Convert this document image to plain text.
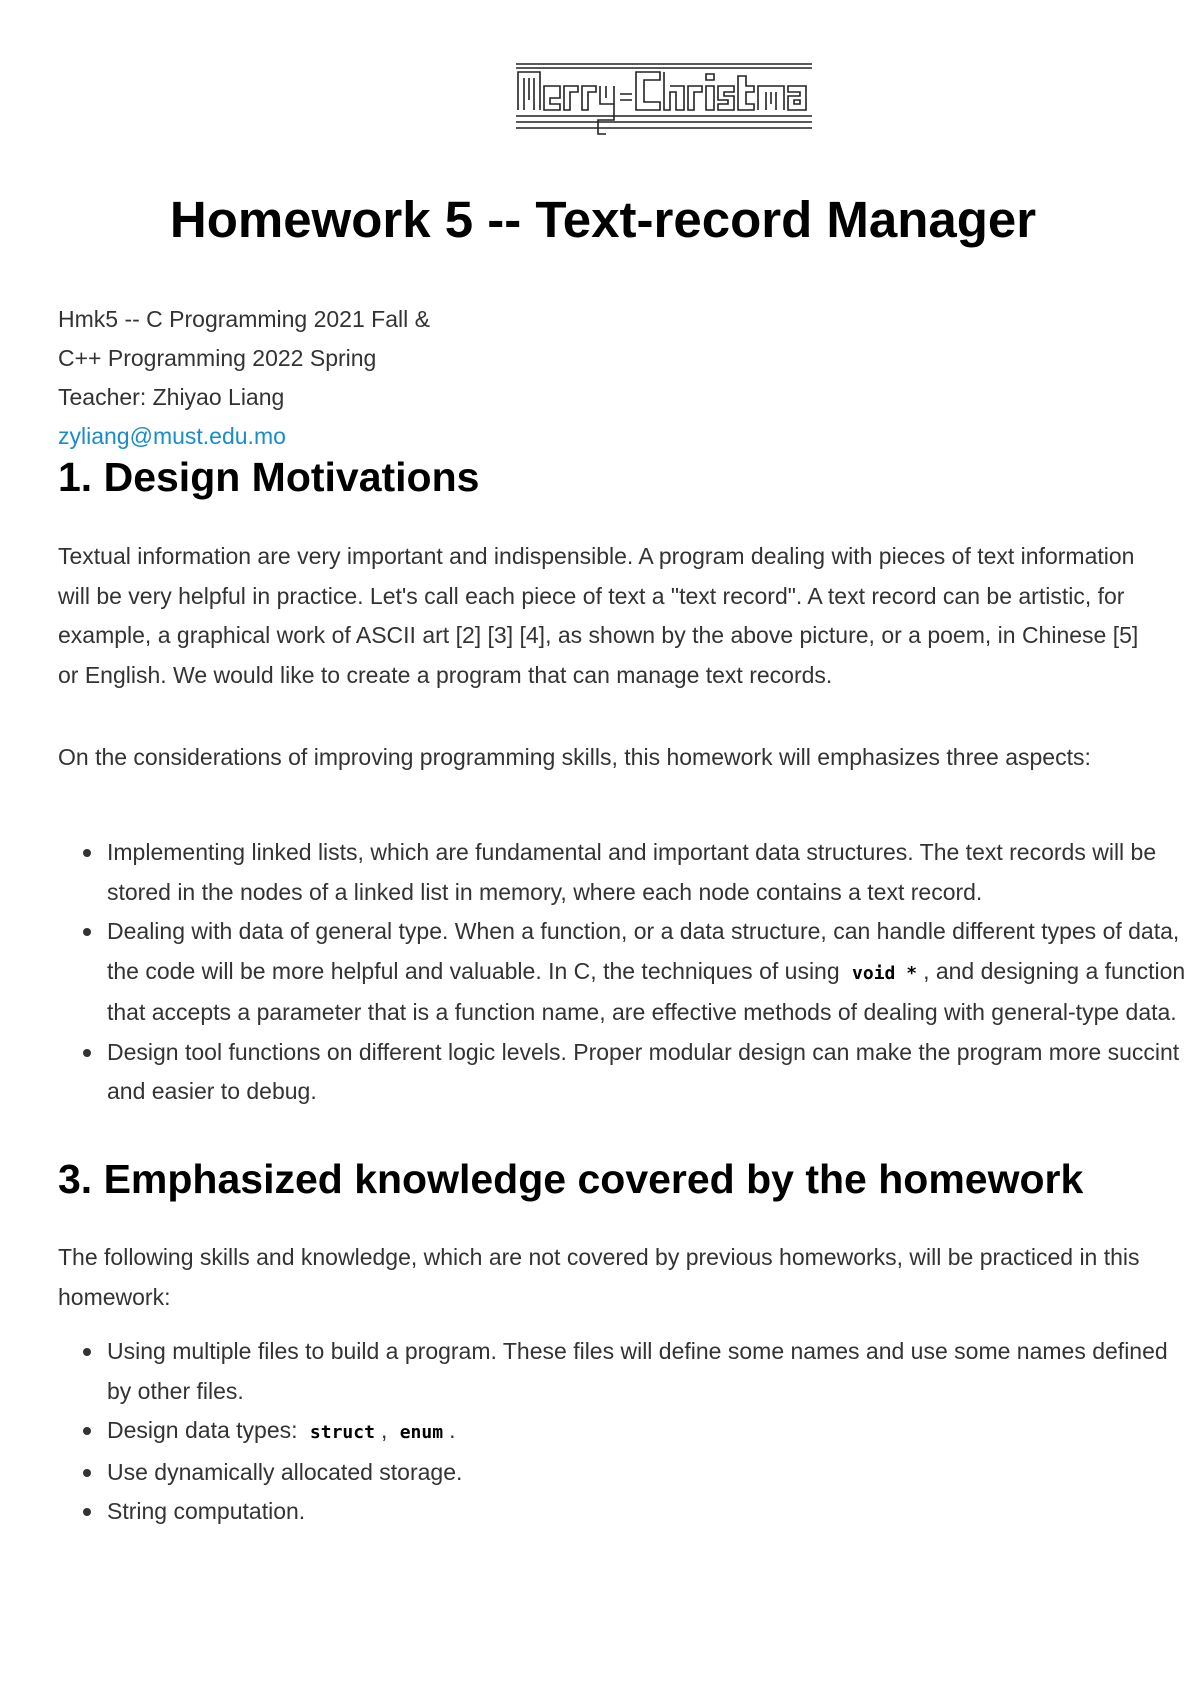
Homework 5 -- Text-record Manager
Hmk5 -- C Programming 2021 Fall &
C++ Programming 2022 Spring
Teacher: Zhiyao Liang
zyliang@must.edu.mo
1. Design Motivations

Textual information are very important and indispensible. A program dealing with pieces of text information will be very helpful in practice. Let's call each piece of text a "text record". A text record can be artistic, for example, a graphical work of ASCII art [2] [3] [4], as shown by the above picture, or a poem, in Chinese [5] or English. We would like to create a program that can manage text records.

On the considerations of improving programming skills, this homework will emphasizes three aspects:

Implementing linked lists, which are fundamental and important data structures. The text records will be stored in the nodes of a linked list in memory, where each node contains a text record.
Dealing with data of general type. When a function, or a data structure, can handle different types of data, the code will be more helpful and valuable. In C, the techniques of using void * , and designing a function that accepts a parameter that is a function name, are effective methods of dealing with general-type data.
Design tool functions on different logic levels. Proper modular design can make the program more succint and easier to debug.
3. Emphasized knowledge covered by the homework

The following skills and knowledge, which are not covered by previous homeworks, will be practiced in this homework:

Using multiple files to build a program. These files will define some names and use some names defined by other files.
Design data types: struct , enum .
Use dynamically allocated storage.
String computation.
